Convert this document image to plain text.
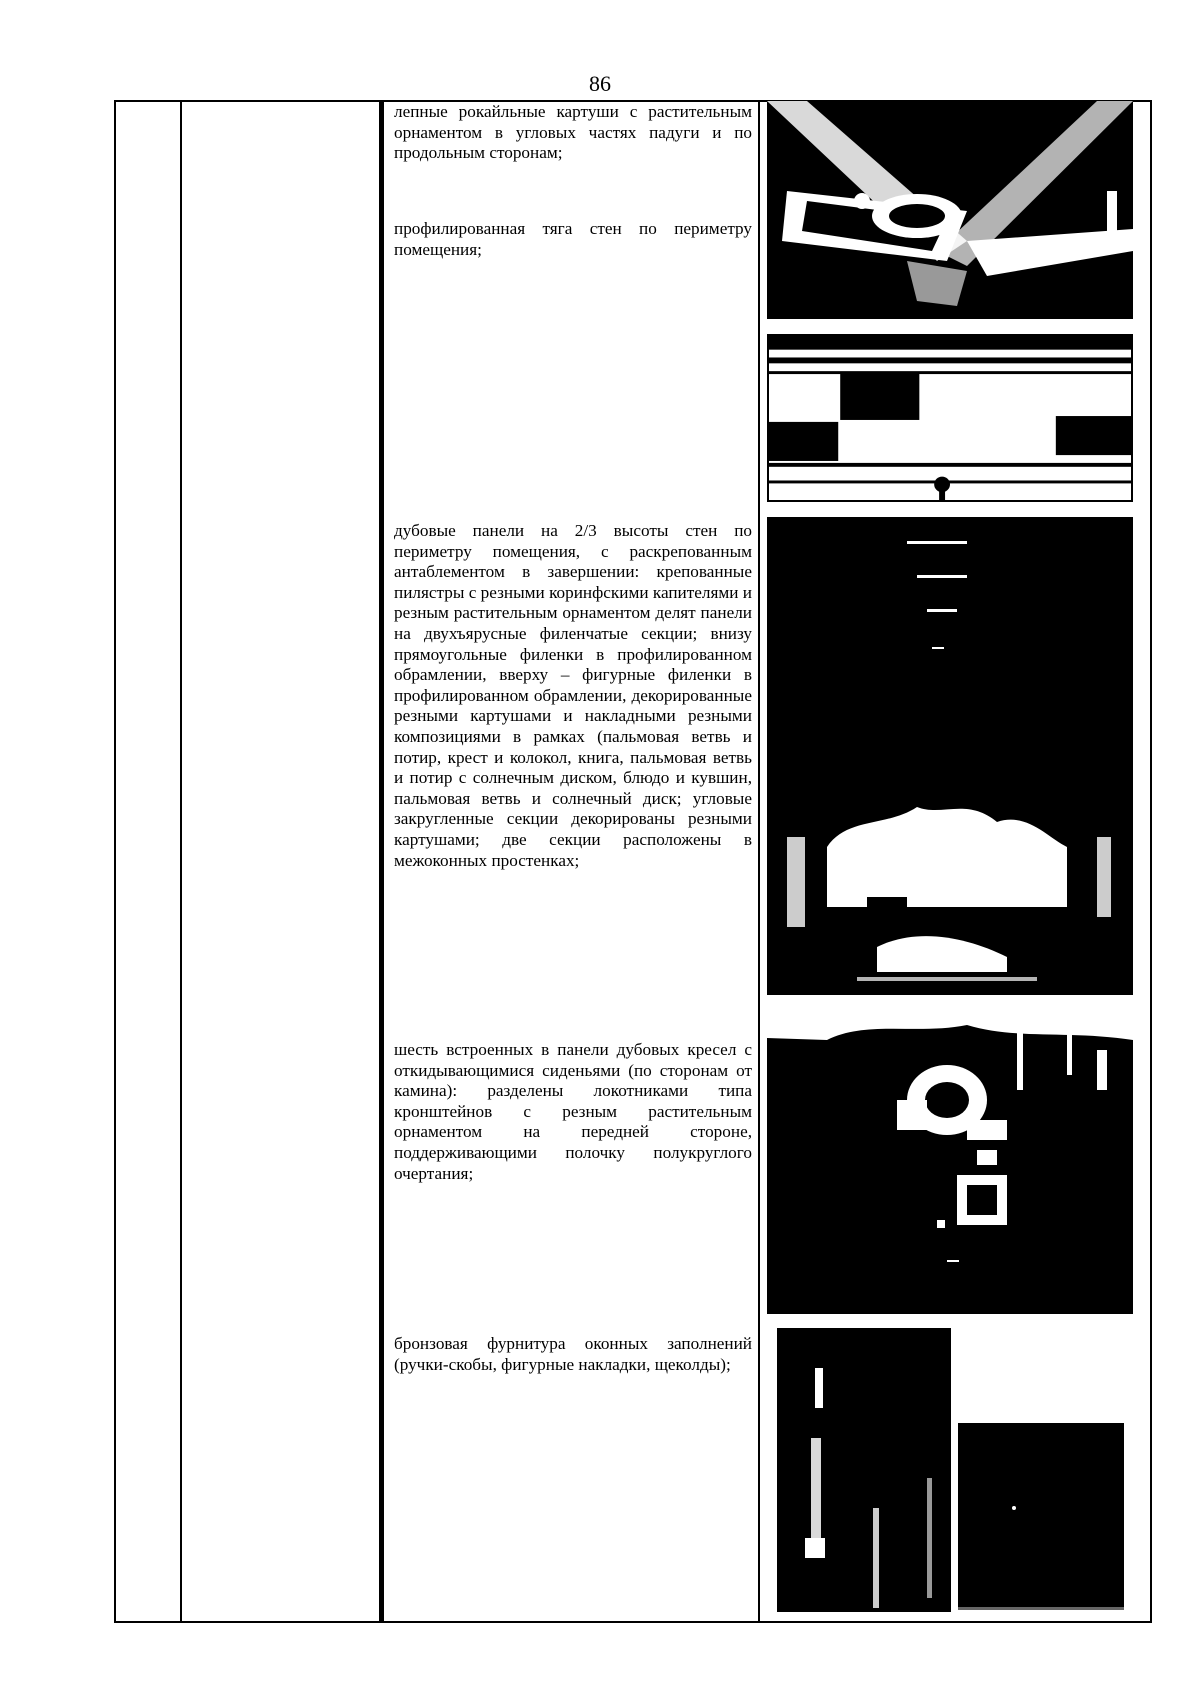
86

лепные рокайльные картуши с растительным орнаментом в угловых частях падуги и по продольным сторонам;

профилированная тяга стен по периметру помещения;

дубовые панели на 2/3 высоты стен по периметру помещения, с раскрепованным антаблементом в завершении: крепованные пилястры с резными коринфскими капителями и резным растительным орнаментом делят панели на двухъярусные филенчатые секции; внизу прямоугольные филенки в профилированном обрамлении, вверху – фигурные филенки в профилированном обрамлении, декорированные резными картушами и накладными резными композициями в рамках (пальмовая ветвь и потир, крест и колокол, книга, пальмовая ветвь и потир с солнечным диском, блюдо и кувшин, пальмовая ветвь и солнечный диск; угловые закругленные секции декорированы резными картушами; две секции расположены в межоконных простенках;

шесть встроенных в панели дубовых кресел с откидывающимися сиденьями (по сторонам от камина): разделены локотниками типа кронштейнов с резным растительным орнаментом на передней стороне, поддерживающими полочку полукруглого очертания;

бронзовая фурнитура оконных заполнений (ручки-скобы, фигурные накладки, щеколды);
